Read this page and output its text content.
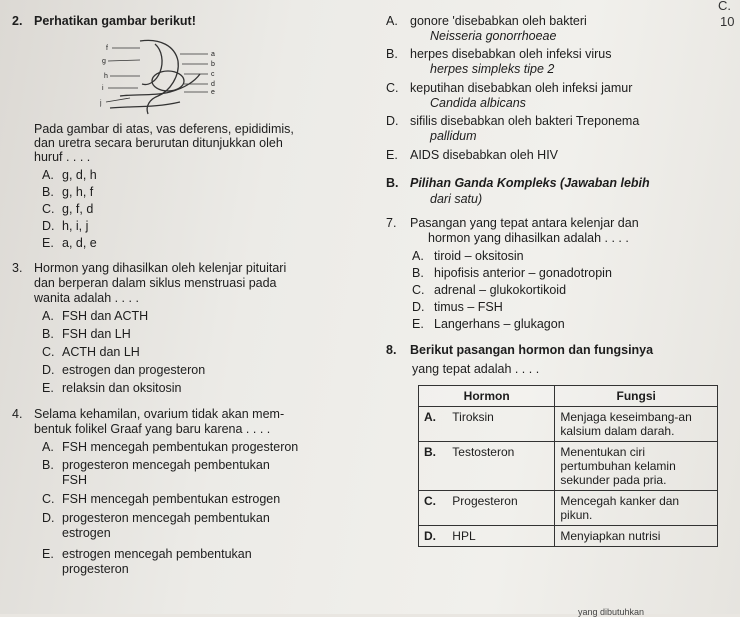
C.
10
2. Perhatikan gambar berikut!
f
g
h
i
j
a
b
c
d
e
Pada gambar di atas, vas deferens, epididimis,
dan uretra secara berurutan ditunjukkan oleh
huruf . . . .
A. g, d, h
B. g, h, f
C. g, f, d
D. h, i, j
E. a, d, e
3. Hormon yang dihasilkan oleh kelenjar pituitari
dan berperan dalam siklus menstruasi pada
wanita adalah . . . .
A. FSH dan ACTH
B. FSH dan LH
C. ACTH dan LH
D. estrogen dan progesteron
E. relaksin dan oksitosin
4. Selama kehamilan, ovarium tidak akan mem-
bentuk folikel Graaf yang baru karena . . . .
A. FSH mencegah pembentukan progesteron
B. progesteron mencegah pembentukan
FSH
C. FSH mencegah pembentukan estrogen
D. progesteron mencegah pembentukan
estrogen
E. estrogen mencegah pembentukan
progesteron
A. gonore 'disebabkan oleh bakteri
Neisseria gonorrhoeae
B. herpes disebabkan oleh infeksi virus
herpes simpleks tipe 2
C. keputihan disebabkan oleh infeksi jamur
Candida albicans
D. sifilis disebabkan oleh bakteri Treponema
pallidum
E. AIDS disebabkan oleh HIV
B. Pilihan Ganda Kompleks (Jawaban lebih
dari satu)
7. Pasangan yang tepat antara kelenjar dan
hormon yang dihasilkan adalah . . . .
A. tiroid – oksitosin
B. hipofisis anterior – gonadotropin
C. adrenal – glukokortikoid
D. timus – FSH
E. Langerhans – glukagon
8. Berikut pasangan hormon dan fungsinya
yang tepat adalah . . . .
Hormon		Fungsi
A.	Tiroksin	Menjaga keseimbang-an kalsium dalam darah.
B.	Testosteron	Menentukan ciri pertumbuhan kelamin sekunder pada pria.
C.	Progesteron	Mencegah kanker dan pikun.
D.	HPL	Menyiapkan nutrisi
yang dibutuhkan
